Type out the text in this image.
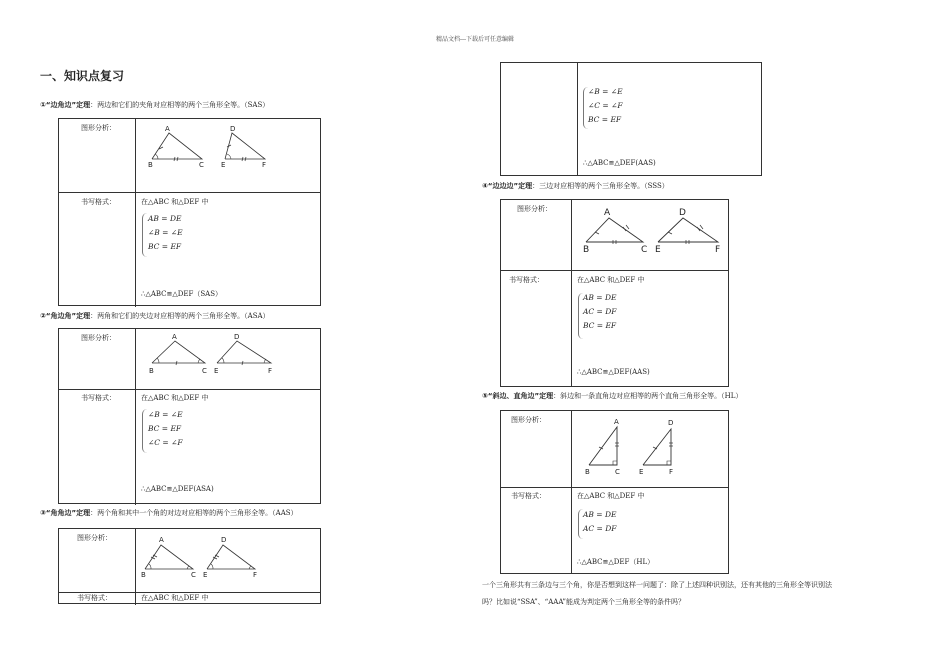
精品文档---下载后可任意编辑
一、知识点复习
①“边角边”定理：两边和它们的夹角对应相等的两个三角形全等。（SAS）
图形分析：
书写格式：	在△ABC 和△DEF 中
AB = DE
∠B = ∠E
BC = EF
∴△ABC≌△DEF（SAS）
A
B	C
D
E	F
②“角边角”定理：两角和它们的夹边对应相等的两个三角形全等。（ASA）
图形分析：
书写格式：	在△ABC 和△DEF 中
∠B = ∠E
BC = EF
∠C = ∠F
∴△ABC≌△DEF(ASA)
A
B	C
D
E	F
③“角角边”定理：两个角和其中一个角的对边对应相等的两个三角形全等。（AAS）
图形分析：
书写格式：	在△ABC 和△DEF 中
A
B	C
D
E	F
∠B = ∠E
∠C = ∠F
BC = EF
∴△ABC≌△DEF(AAS)
④“边边边”定理：三边对应相等的两个三角形全等。（SSS）
图形分析：
书写格式：	在△ABC 和△DEF 中
AB = DE
AC = DF
BC = EF
∴△ABC≌△DEF(AAS)
A
B	C
D
E	F
⑤“斜边、直角边”定理：斜边和一条直角边对应相等的两个直角三角形全等。（HL）
图形分析：
书写格式：	在△ABC 和△DEF 中
AB = DE
AC = DF
∴△ABC≌△DEF（HL）
A
B	C
D
E	F
一个三角形共有三条边与三个角，你是否想到这样一问题了：除了上述四种识别法，还有其他的三角形全等识别法
吗？比如说“SSA”、“AAA”能成为判定两个三角形全等的条件吗？
